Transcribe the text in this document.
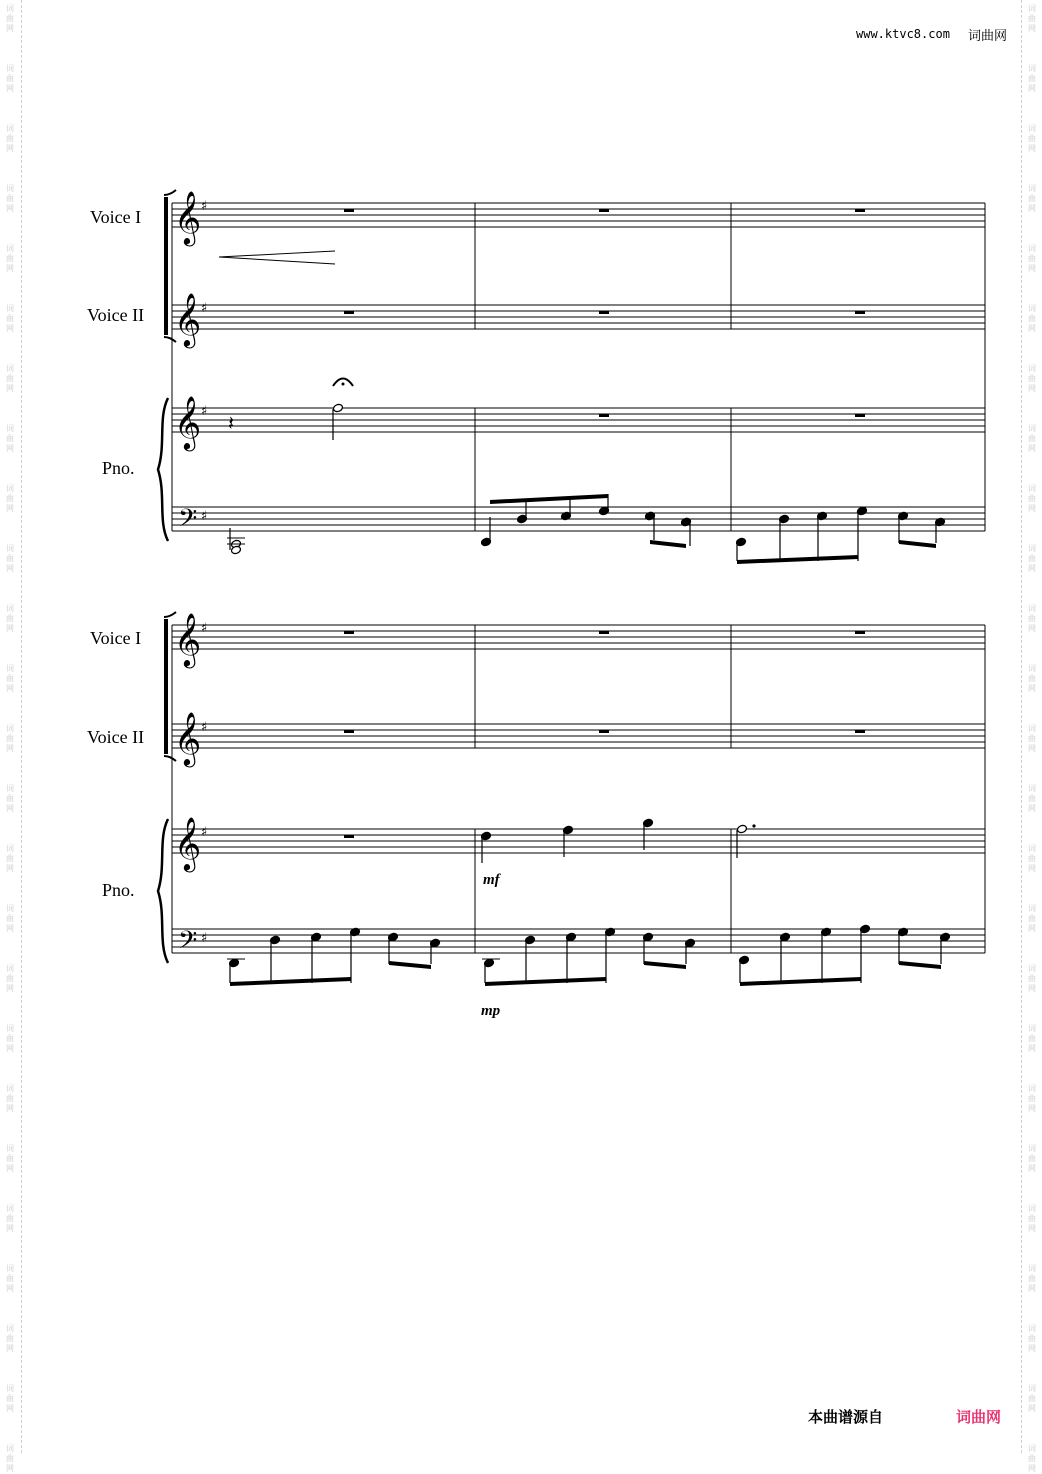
词
曲
网
词
曲
网
词
曲
网
词
曲
网
词
曲
网
词
曲
网
词
曲
网
词
曲
网
词
曲
网
词
曲
网
词
曲
网
词
曲
网
词
曲
网
词
曲
网
词
曲
网
词
曲
网
词
曲
网
词
曲
网
词
曲
网
词
曲
网
词
曲
网
词
曲
网
词
曲
网
词
曲
网
词
曲
网
词
曲
网
词
曲
网
词
曲
网
词
曲
网
词
曲
网
词
曲
网
词
曲
网
词
曲
网
词
曲
网
词
曲
网
词
曲
网
词
曲
网
词
曲
网
词
曲
网
词
曲
网
词
曲
网
词
曲
网
词
曲
网
词
曲
网
词
曲
网
词
曲
网
词
曲
网
词
曲
网
词
曲
网
词
曲
网
www.ktvc8.com 词曲网
Voice I
Voice II
Pno.
Voice I
Voice II
Pno.
𝄞 ♯
𝄞 ♯
𝄞 ♯
𝄢 ♯
𝄽
𝄞 ♯
𝄞 ♯
𝄞 ♯
𝄢 ♯
mf
mp
本曲谱源自	词曲网
